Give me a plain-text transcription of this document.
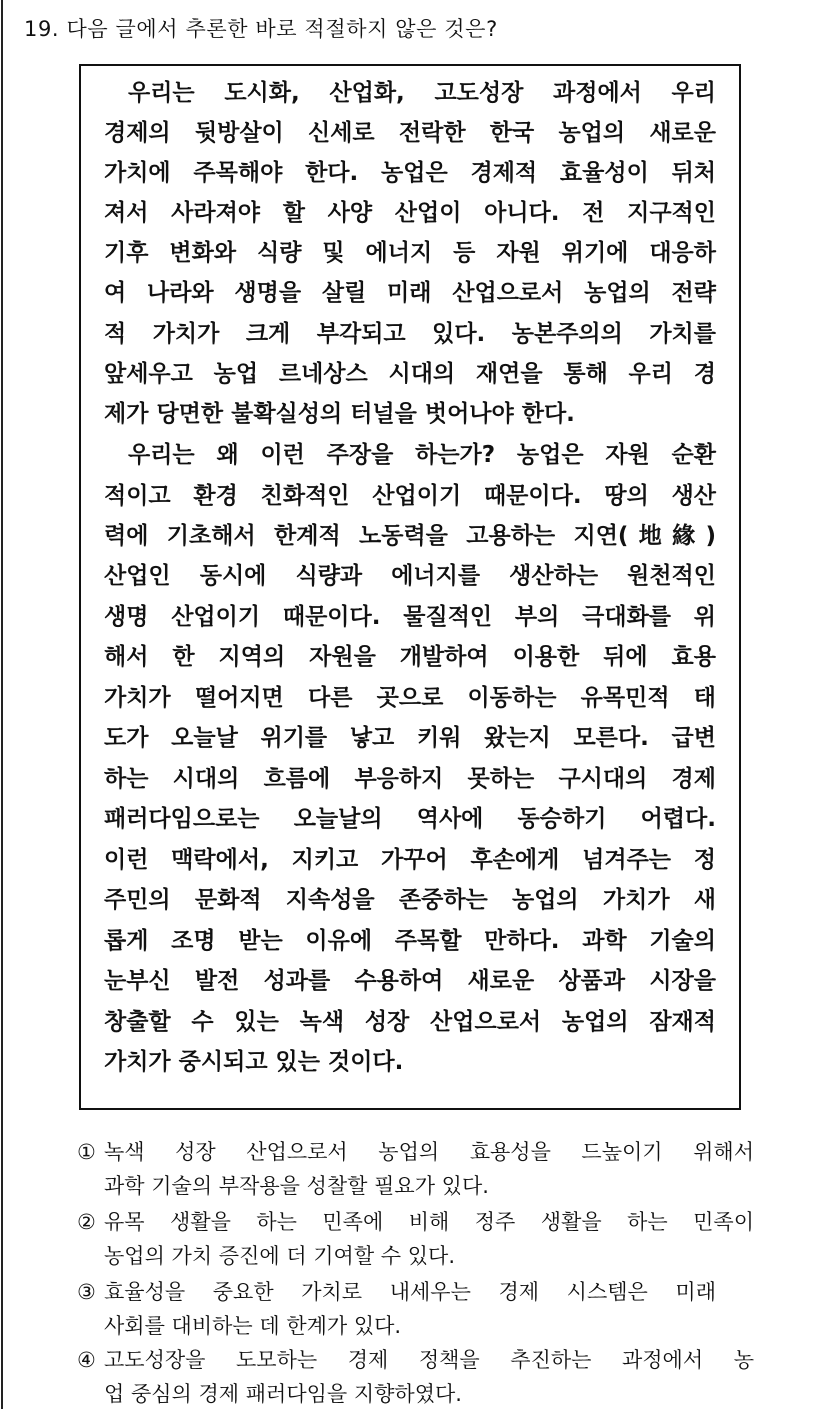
19. 다음 글에서 추론한 바로 적절하지 않은 것은?
우리는 도시화, 산업화, 고도성장 과정에서 우리
경제의 뒷방살이 신세로 전락한 한국 농업의 새로운
가치에 주목해야 한다. 농업은 경제적 효율성이 뒤처
져서 사라져야 할 사양 산업이 아니다. 전 지구적인
기후 변화와 식량 및 에너지 등 자원 위기에 대응하
여 나라와 생명을 살릴 미래 산업으로서 농업의 전략
적 가치가 크게 부각되고 있다. 농본주의의 가치를
앞세우고 농업 르네상스 시대의 재연을 통해 우리 경
제가 당면한 불확실성의 터널을 벗어나야 한다.
우리는 왜 이런 주장을 하는가? 농업은 자원 순환
적이고 환경 친화적인 산업이기 때문이다. 땅의 생산
력에 기초해서 한계적 노동력을 고용하는 지연(地緣)
산업인 동시에 식량과 에너지를 생산하는 원천적인
생명 산업이기 때문이다. 물질적인 부의 극대화를 위
해서 한 지역의 자원을 개발하여 이용한 뒤에 효용
가치가 떨어지면 다른 곳으로 이동하는 유목민적 태
도가 오늘날 위기를 낳고 키워 왔는지 모른다. 급변
하는 시대의 흐름에 부응하지 못하는 구시대의 경제
패러다임으로는 오늘날의 역사에 동승하기 어렵다.
이런 맥락에서, 지키고 가꾸어 후손에게 넘겨주는 정
주민의 문화적 지속성을 존중하는 농업의 가치가 새
롭게 조명 받는 이유에 주목할 만하다. 과학 기술의
눈부신 발전 성과를 수용하여 새로운 상품과 시장을
창출할 수 있는 녹색 성장 산업으로서 농업의 잠재적
가치가 중시되고 있는 것이다.
① 녹색 성장 산업으로서 농업의 효용성을 드높이기 위해서
과학 기술의 부작용을 성찰할 필요가 있다.
② 유목 생활을 하는 민족에 비해 정주 생활을 하는 민족이
농업의 가치 증진에 더 기여할 수 있다.
③ 효율성을 중요한 가치로 내세우는 경제 시스템은 미래
사회를 대비하는 데 한계가 있다.
④ 고도성장을 도모하는 경제 정책을 추진하는 과정에서 농
업 중심의 경제 패러다임을 지향하였다.
